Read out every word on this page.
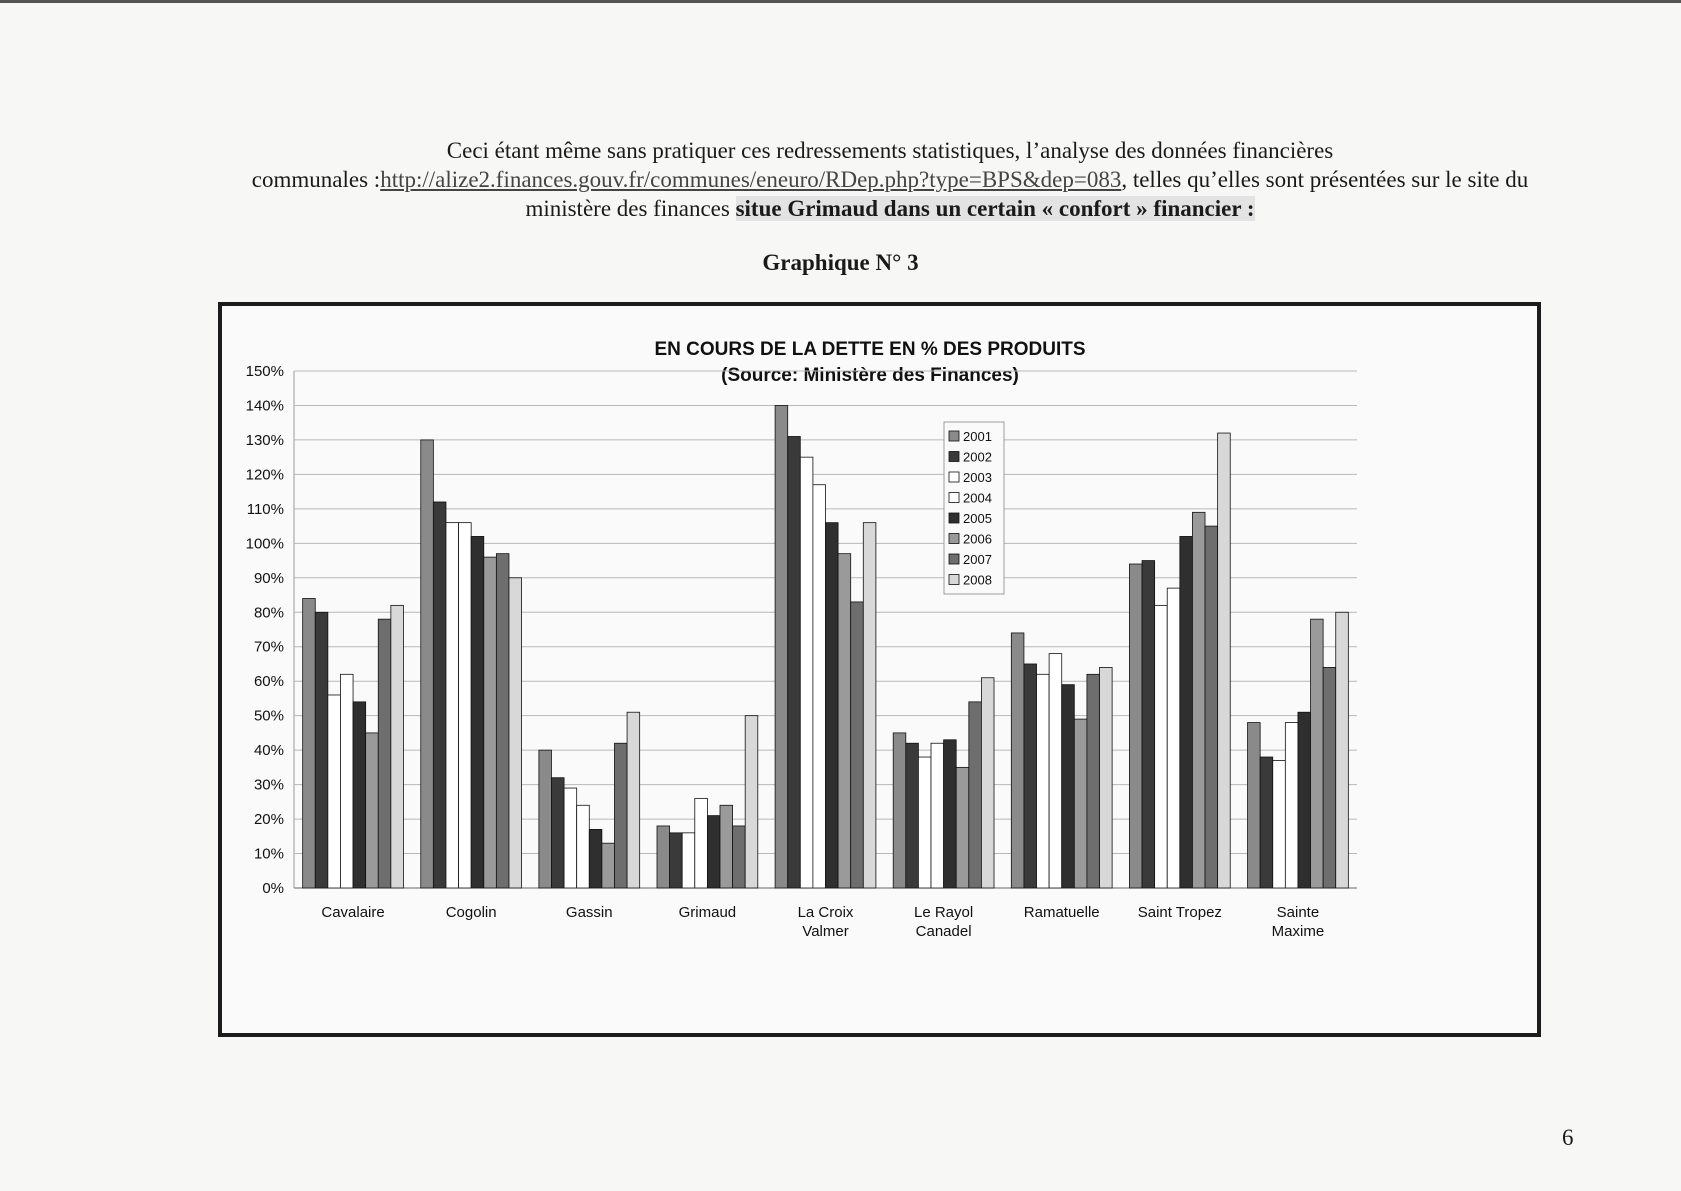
Ceci étant même sans pratiquer ces redressements statistiques, l’analyse des données financières
communales :http://alize2.finances.gouv.fr/communes/eneuro/RDep.php?type=BPS&dep=083, telles qu’elles sont présentées sur le site du
ministère des finances situe Grimaud dans un certain « confort » financier :
Graphique N° 3
EN COURS DE LA DETTE EN % DES PRODUITS
(Source: Ministère des Finances)
0%
10%
20%
30%
40%
50%
60%
70%
80%
90%
100%
110%
120%
130%
140%
150%
Cavalaire	Cogolin	Gassin	Grimaud	La Croix
Valmer
Le Rayol
Canadel
Ramatuelle	Saint Tropez	Sainte
Maxime
2001
2002
2003
2004
2005
2006
2007
2008
6
